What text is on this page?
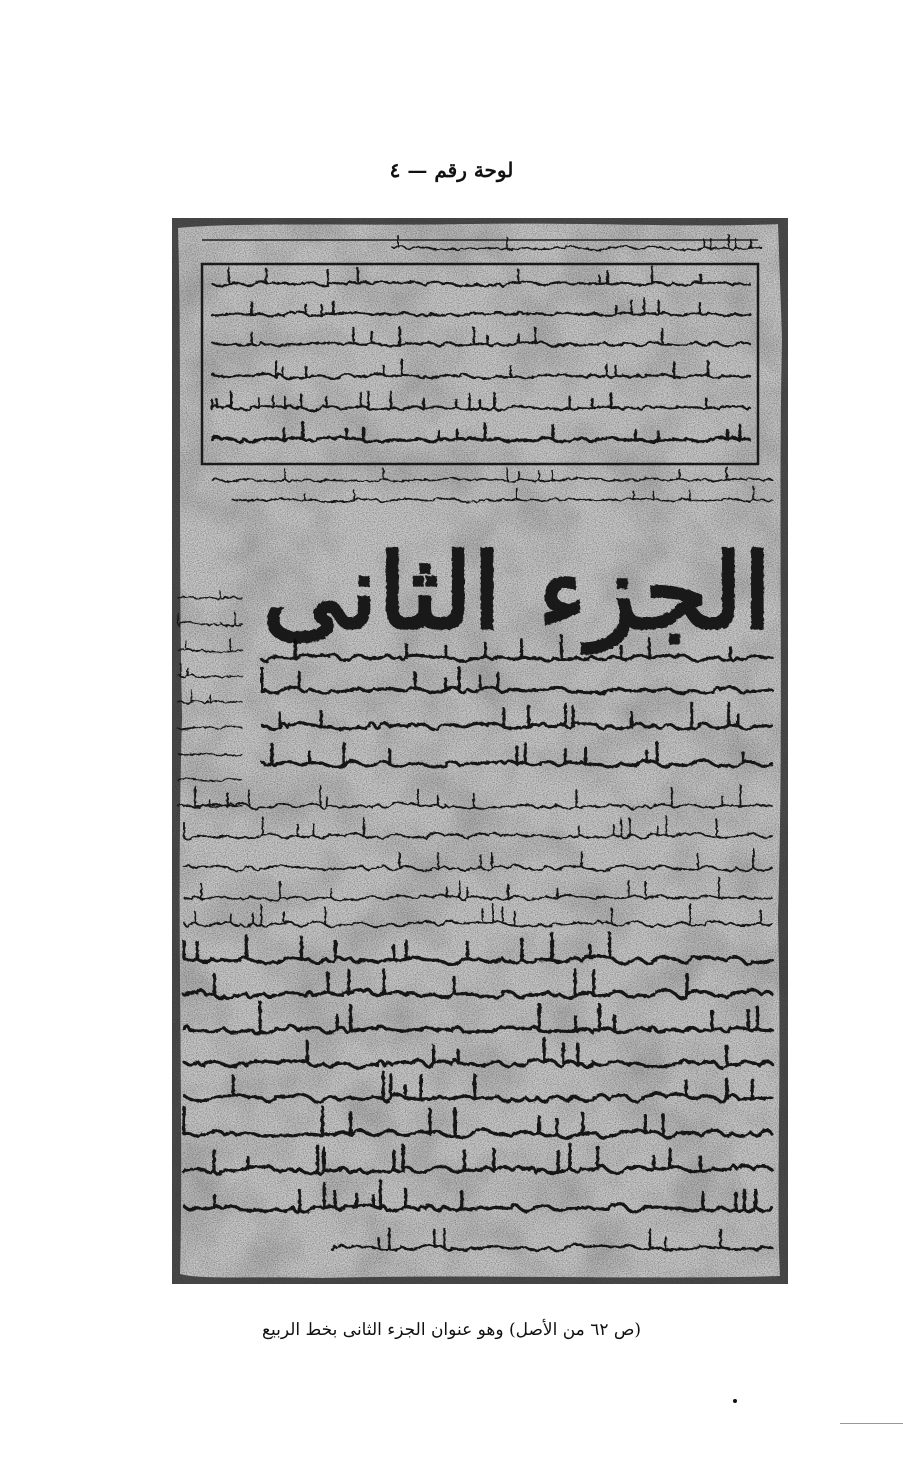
لوحة رقم — ٤
الجزء الثانى
(ص ٦٢ من الأصل) وهو عنوان الجزء الثانى بخط الربيع
